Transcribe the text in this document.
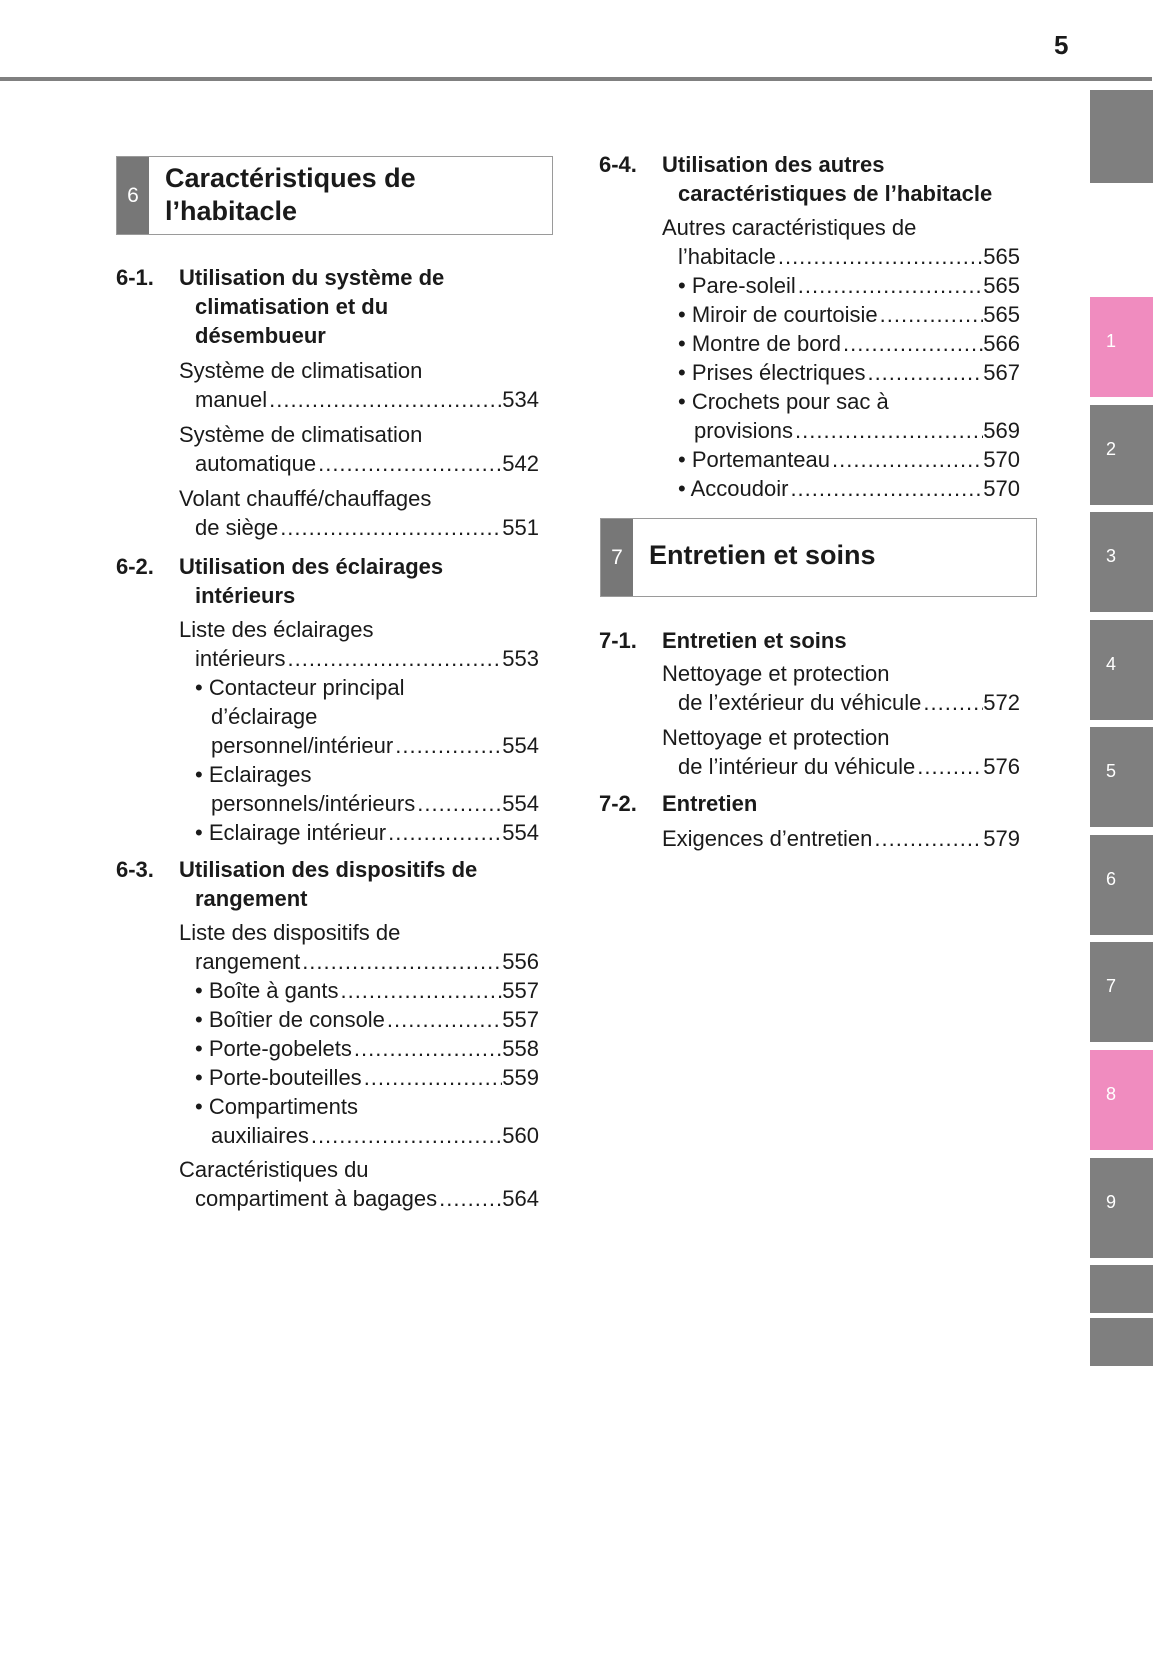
5
1
2
3
4
5
6
7
8
9
6
Caractéristiques de
l’habitacle
6-1. Utilisation du système de
climatisation et du
désembueur
Système de climatisation
manuel .....	534
Système de climatisation
automatique .....	542
Volant chauffé/chauffages
de siège .....	551
6-2. Utilisation des éclairages
intérieurs
Liste des éclairages
intérieurs .....	553
• Contacteur principal
d’éclairage
personnel/intérieur .....	554
• Eclairages
personnels/intérieurs .....	554
• Eclairage intérieur .....	554
6-3. Utilisation des dispositifs de
rangement
Liste des dispositifs de
rangement .....	556
• Boîte à gants .....	557
• Boîtier de console .....	557
• Porte-gobelets .....	558
• Porte-bouteilles .....	559
• Compartiments
auxiliaires .....	560
Caractéristiques du
compartiment à bagages .....	564
6-4. Utilisation des autres
caractéristiques de l’habitacle
Autres caractéristiques de
l’habitacle .....	565
• Pare-soleil .....	565
• Miroir de courtoisie .....	565
• Montre de bord .....	566
• Prises électriques .....	567
• Crochets pour sac à
provisions .....	569
• Portemanteau .....	570
• Accoudoir .....	570
7 Entretien et soins
7-1. Entretien et soins
Nettoyage et protection
de l’extérieur du véhicule .....	572
Nettoyage et protection
de l’intérieur du véhicule .....	576
7-2. Entretien
Exigences d’entretien .....	579
